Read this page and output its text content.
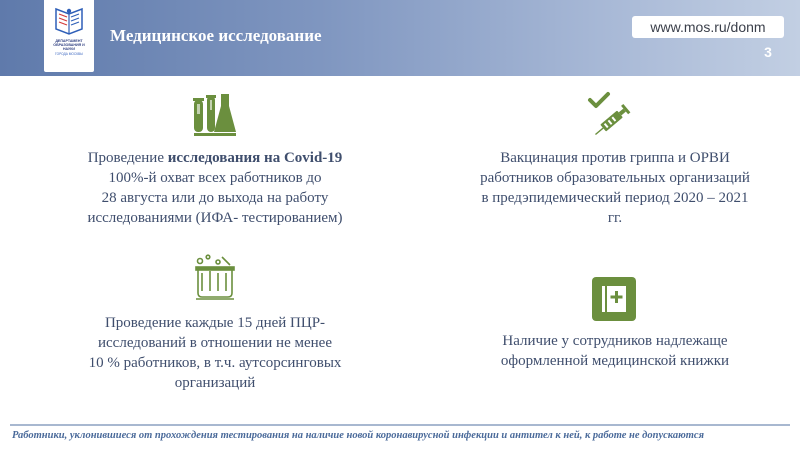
ДЕПАРТАМЕНТ ОБРАЗОВАНИЯ И НАУКИ
ГОРОДА МОСКВЫ
Медицинское исследование	www.mos.ru/donm
3
Проведение исследования на Covid-19
100%-й охват всех работников до
28 августа или до выхода на работу
исследованиями (ИФА- тестированием)
Вакцинация против гриппа и ОРВИ
работников образовательных организаций
в предэпидемический период 2020 – 2021
гг.
Проведение каждые 15 дней ПЦР-
исследований в отношении не менее
10 % работников, в т.ч. аутсорсинговых
организаций
Наличие у сотрудников надлежаще
оформленной медицинской книжки
Работники, уклонившиеся от прохождения тестирования на наличие новой коронавирусной инфекции и антител к ней, к работе не допускаются
